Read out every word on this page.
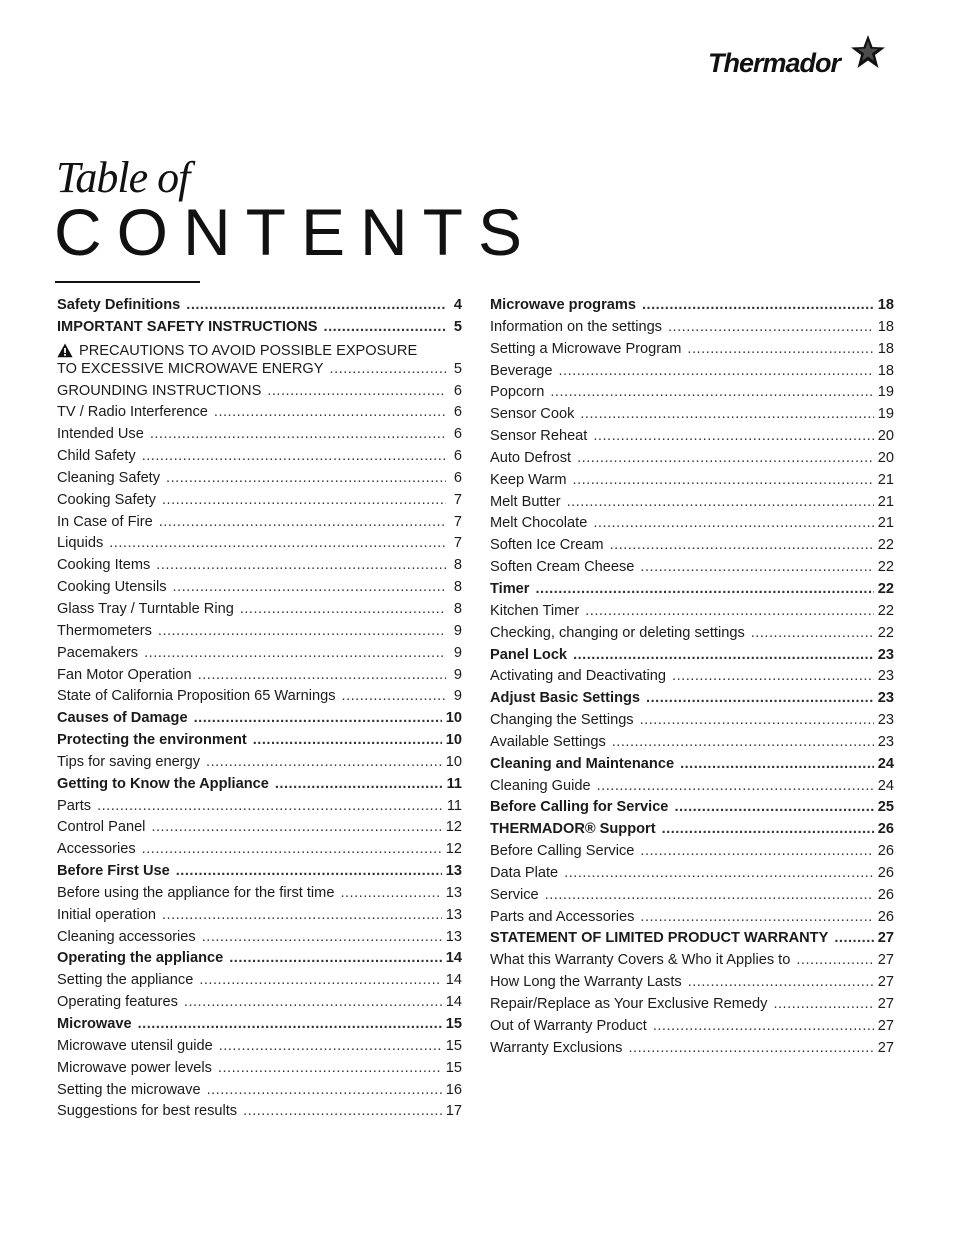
Thermador
Table of
CONTENTS
Safety Definitions .....	4
IMPORTANT SAFETY INSTRUCTIONS .....	5
PRECAUTIONS TO AVOID POSSIBLE EXPOSURE
TO EXCESSIVE MICROWAVE ENERGY .....	5
GROUNDING INSTRUCTIONS .....	6
TV / Radio Interference .....	6
Intended Use .....	6
Child Safety .....	6
Cleaning Safety .....	6
Cooking Safety .....	7
In Case of Fire .....	7
Liquids .....	7
Cooking Items .....	8
Cooking Utensils .....	8
Glass Tray / Turntable Ring .....	8
Thermometers .....	9
Pacemakers .....	9
Fan Motor Operation .....	9
State of California Proposition 65 Warnings .....	9
Causes of Damage .....	10
Protecting the environment .....	10
Tips for saving energy .....	10
Getting to Know the Appliance .....	11
Parts .....	11
Control Panel .....	12
Accessories .....	12
Before First Use .....	13
Before using the appliance for the first time .....	13
Initial operation .....	13
Cleaning accessories .....	13
Operating the appliance .....	14
Setting the appliance .....	14
Operating features .....	14
Microwave .....	15
Microwave utensil guide .....	15
Microwave power levels .....	15
Setting the microwave .....	16
Suggestions for best results .....	17
Microwave programs .....	18
Information on the settings .....	18
Setting a Microwave Program .....	18
Beverage .....	18
Popcorn .....	19
Sensor Cook .....	19
Sensor Reheat .....	20
Auto Defrost .....	20
Keep Warm .....	21
Melt Butter .....	21
Melt Chocolate .....	21
Soften Ice Cream .....	22
Soften Cream Cheese .....	22
Timer .....	22
Kitchen Timer .....	22
Checking, changing or deleting settings .....	22
Panel Lock .....	23
Activating and Deactivating .....	23
Adjust Basic Settings .....	23
Changing the Settings .....	23
Available Settings .....	23
Cleaning and Maintenance .....	24
Cleaning Guide .....	24
Before Calling for Service .....	25
THERMADOR® Support .....	26
Before Calling Service .....	26
Data Plate .....	26
Service .....	26
Parts and Accessories .....	26
STATEMENT OF LIMITED PRODUCT WARRANTY .....	27
What this Warranty Covers & Who it Applies to .....	27
How Long the Warranty Lasts .....	27
Repair/Replace as Your Exclusive Remedy .....	27
Out of Warranty Product .....	27
Warranty Exclusions .....	27
